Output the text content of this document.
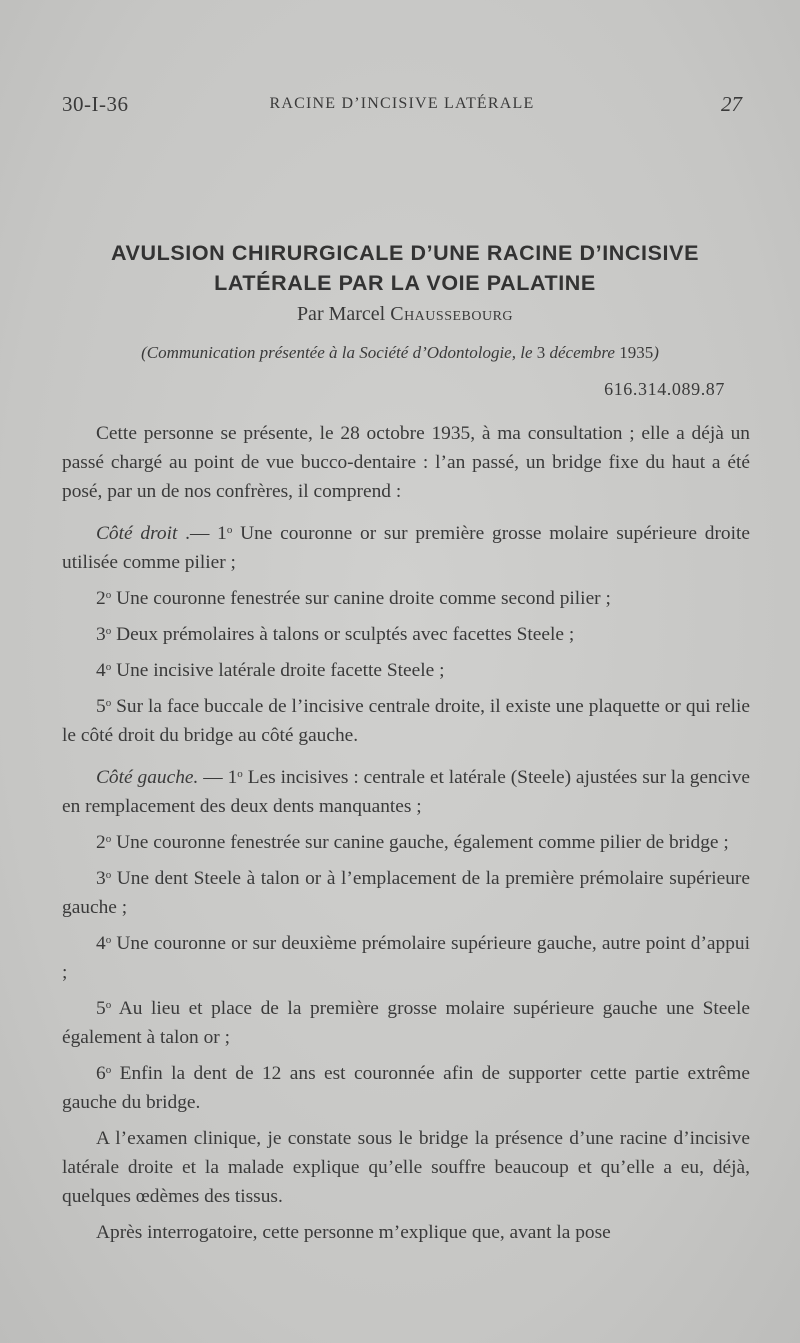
30-I-36	RACINE D’INCISIVE LATÉRALE	27
AVULSION CHIRURGICALE D’UNE RACINE D’INCISIVE
LATÉRALE PAR LA VOIE PALATINE
Par Marcel Chaussebourg
(Communication présentée à la Société d’Odontologie, le 3 décembre 1935)
616.314.089.87

Cette personne se présente, le 28 octobre 1935, à ma consultation ; elle a déjà un passé chargé au point de vue bucco-dentaire : l’an passé, un bridge fixe du haut a été posé, par un de nos confrères, il comprend :

Côté droit .— 1$^o$ Une couronne or sur première grosse molaire supérieure droite utilisée comme pilier ;

2$^o$ Une couronne fenestrée sur canine droite comme second pilier ;

3$^o$ Deux prémolaires à talons or sculptés avec facettes Steele ;

4$^o$ Une incisive latérale droite facette Steele ;

5$^o$ Sur la face buccale de l’incisive centrale droite, il existe une plaquette or qui relie le côté droit du bridge au côté gauche.

Côté gauche. — 1$^o$ Les incisives : centrale et latérale (Steele) ajustées sur la gencive en remplacement des deux dents manquantes ;

2$^o$ Une couronne fenestrée sur canine gauche, également comme pilier de bridge ;

3$^o$ Une dent Steele à talon or à l’emplacement de la première prémolaire supérieure gauche ;

4$^o$ Une couronne or sur deuxième prémolaire supérieure gauche, autre point d’appui ;

5$^o$ Au lieu et place de la première grosse molaire supérieure gauche une Steele également à talon or ;

6$^o$ Enfin la dent de 12 ans est couronnée afin de supporter cette partie extrême gauche du bridge.

A l’examen clinique, je constate sous le bridge la présence d’une racine d’incisive latérale droite et la malade explique qu’elle souffre beaucoup et qu’elle a eu, déjà, quelques œdèmes des tissus.

Après interrogatoire, cette personne m’explique que, avant la pose
